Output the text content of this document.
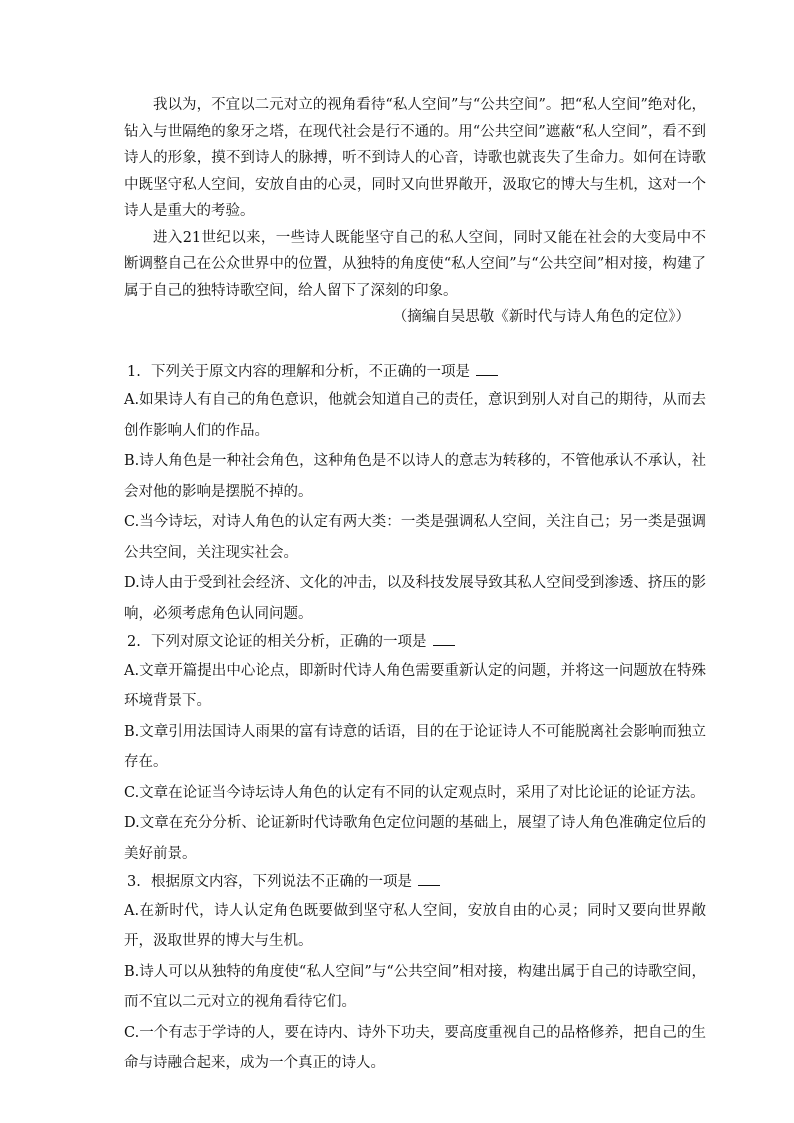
我以为，不宜以二元对立的视角看待“私人空间”与“公共空间”。把“私人空间”绝对化，钻入与世隔绝的象牙之塔，在现代社会是行不通的。用“公共空间”遮蔽“私人空间”，看不到诗人的形象，摸不到诗人的脉搏，听不到诗人的心音，诗歌也就丧失了生命力。如何在诗歌中既坚守私人空间，安放自由的心灵，同时又向世界敞开，汲取它的博大与生机，这对一个诗人是重大的考验。

进入21世纪以来，一些诗人既能坚守自己的私人空间，同时又能在社会的大变局中不断调整自己在公众世界中的位置，从独特的角度使“私人空间”与“公共空间”相对接，构建了属于自己的独特诗歌空间，给人留下了深刻的印象。

（摘编自吴思敬《新时代与诗人角色的定位》）

1. 下列关于原文内容的理解和分析，不正确的一项是

A.如果诗人有自己的角色意识，他就会知道自己的责任，意识到别人对自己的期待，从而去创作影响人们的作品。

B.诗人角色是一种社会角色，这种角色是不以诗人的意志为转移的，不管他承认不承认，社会对他的影响是摆脱不掉的。

C.当今诗坛，对诗人角色的认定有两大类：一类是强调私人空间，关注自己；另一类是强调公共空间，关注现实社会。

D.诗人由于受到社会经济、文化的冲击，以及科技发展导致其私人空间受到渗透、挤压的影响，必须考虑角色认同问题。

2. 下列对原文论证的相关分析，正确的一项是

A.文章开篇提出中心论点，即新时代诗人角色需要重新认定的问题，并将这一问题放在特殊环境背景下。

B.文章引用法国诗人雨果的富有诗意的话语，目的在于论证诗人不可能脱离社会影响而独立存在。

C.文章在论证当今诗坛诗人角色的认定有不同的认定观点时，采用了对比论证的论证方法。

D.文章在充分分析、论证新时代诗歌角色定位问题的基础上，展望了诗人角色准确定位后的美好前景。

3. 根据原文内容，下列说法不正确的一项是

A.在新时代，诗人认定角色既要做到坚守私人空间，安放自由的心灵；同时又要向世界敞开，汲取世界的博大与生机。

B.诗人可以从独特的角度使“私人空间”与“公共空间”相对接，构建出属于自己的诗歌空间，而不宜以二元对立的视角看待它们。

C.一个有志于学诗的人，要在诗内、诗外下功夫，要高度重视自己的品格修养，把自己的生命与诗融合起来，成为一个真正的诗人。
